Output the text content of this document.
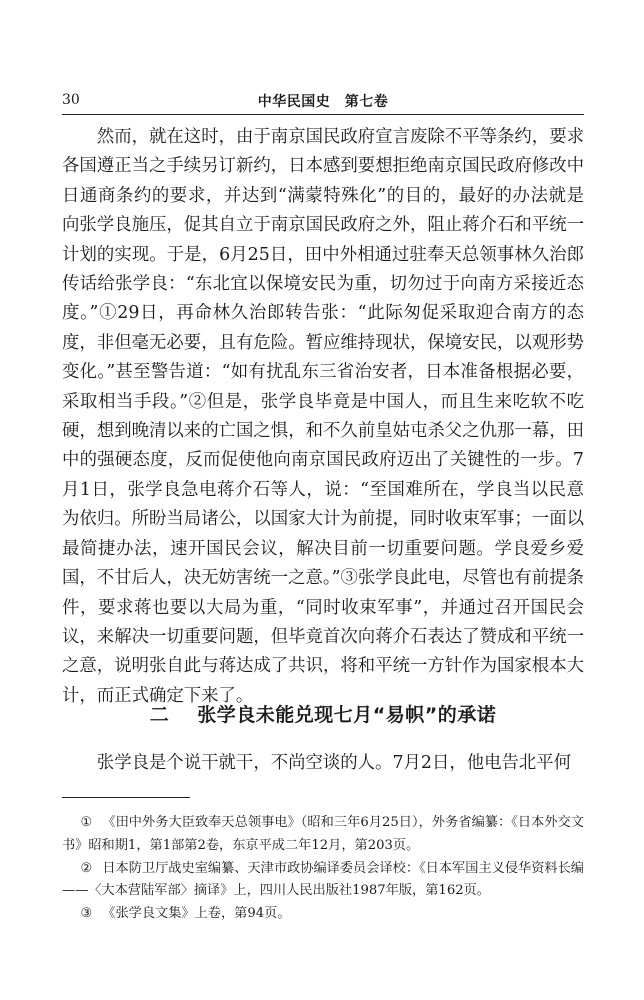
30	中华民国史　第七卷

然而，就在这时，由于南京国民政府宣言废除不平等条约，要求各国遵正当之手续另订新约，日本感到要想拒绝南京国民政府修改中日通商条约的要求，并达到“满蒙特殊化”的目的，最好的办法就是向张学良施压，促其自立于南京国民政府之外，阻止蒋介石和平统一计划的实现。于是，6月25日，田中外相通过驻奉天总领事林久治郎传话给张学良：“东北宜以保境安民为重，切勿过于向南方采接近态度。”①29日，再命林久治郎转告张：“此际匆促采取迎合南方的态度，非但毫无必要，且有危险。暂应维持现状，保境安民，以观形势变化。”甚至警告道：“如有扰乱东三省治安者，日本准备根据必要，采取相当手段。”②但是，张学良毕竟是中国人，而且生来吃软不吃硬，想到晚清以来的亡国之惧，和不久前皇姑屯杀父之仇那一幕，田中的强硬态度，反而促使他向南京国民政府迈出了关键性的一步。7月1日，张学良急电蒋介石等人，说：“至国难所在，学良当以民意为依归。所盼当局诸公，以国家大计为前提，同时收束军事；一面以最简捷办法，速开国民会议，解决目前一切重要问题。学良爱乡爱国，不甘后人，决无妨害统一之意。”③张学良此电，尽管也有前提条件，要求蒋也要以大局为重，“同时收束军事”，并通过召开国民会议，来解决一切重要问题，但毕竟首次向蒋介石表达了赞成和平统一之意，说明张自此与蒋达成了共识，将和平统一方针作为国家根本大计，而正式确定下来了。

二 张学良未能兑现七月“易帜”的承诺

张学良是个说干就干，不尚空谈的人。7月2日，他电告北平何

① 《田中外务大臣致奉天总领事电》（昭和三年6月25日），外务省编纂：《日本外交文书》昭和期1，第1部第2卷，东京平成二年12月，第203页。

② 日本防卫厅战史室编纂、天津市政协编译委员会译校：《日本军国主义侵华资料长编——〈大本营陆军部〉摘译》上，四川人民出版社1987年版，第162页。

③ 《张学良文集》上卷，第94页。
